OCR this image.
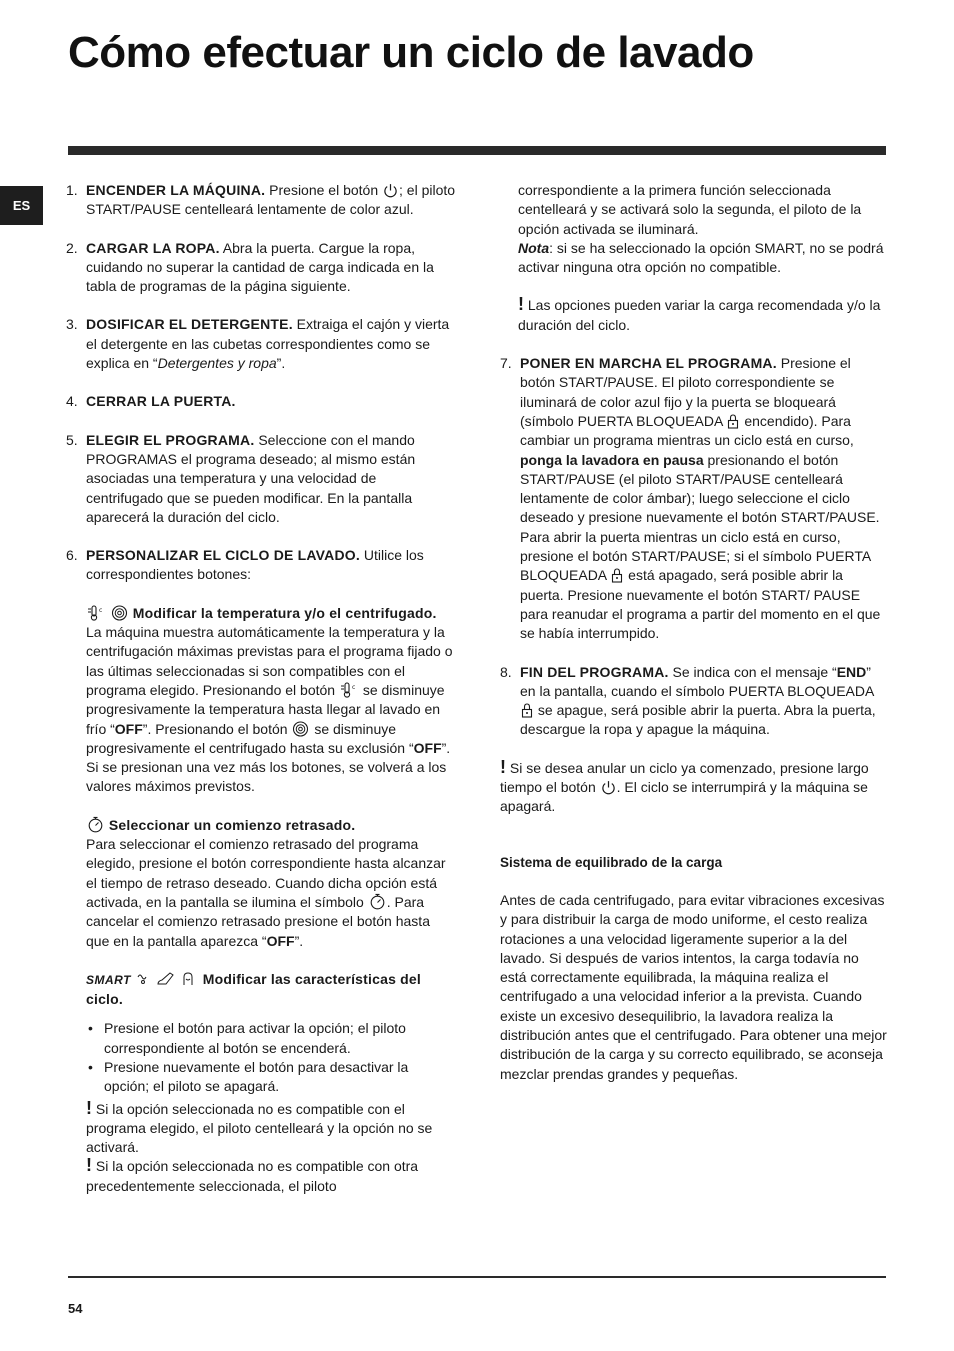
Cómo efectuar un ciclo de lavado
ES
1. ENCENDER LA MÁQUINA. Presione el botón ; el piloto START/PAUSE centelleará lentamente de color azul.
2. CARGAR LA ROPA. Abra la puerta. Cargue la ropa, cuidando no superar la cantidad de carga indicada en la tabla de programas de la página siguiente.
3. DOSIFICAR EL DETERGENTE. Extraiga el cajón y vierta el detergente en las cubetas correspondientes como se explica en “Detergentes y ropa”.
4. CERRAR LA PUERTA.
5. ELEGIR EL PROGRAMA. Seleccione con el mando PROGRAMAS el programa deseado; al mismo están asociadas una temperatura y una velocidad de centrifugado que se pueden modificar. En la pantalla aparecerá la duración del ciclo.
6. PERSONALIZAR EL CICLO DE LAVADO. Utilice los correspondientes botones:
c Modificar la temperatura y/o el centrifugado. La máquina muestra automáticamente la temperatura y la centrifugación máximas previstas para el programa fijado o las últimas seleccionadas si son compatibles con el programa elegido. Presionando el botón c se disminuye progresivamente la temperatura hasta llegar al lavado en frío “OFF”. Presionando el botón  se disminuye progresivamente el centrifugado hasta su exclusión “OFF”. Si se presionan una vez más los botones, se volverá a los valores máximos previstos.
Seleccionar un comienzo retrasado.
Para seleccionar el comienzo retrasado del programa elegido, presione el botón correspondiente hasta alcanzar el tiempo de retraso deseado. Cuando dicha opción está activada, en la pantalla se ilumina el símbolo . Para cancelar el comienzo retrasado presione el botón hasta que en la pantalla aparezca “OFF”.
SMART	Modificar las características del ciclo.
• Presione el botón para activar la opción; el piloto correspondiente al botón se encenderá.
• Presione nuevamente el botón para desactivar la opción; el piloto se apagará.
! Si la opción seleccionada no es compatible con el programa elegido, el piloto centelleará y la opción no se activará.
! Si la opción seleccionada no es compatible con otra precedentemente seleccionada, el piloto
correspondiente a la primera función seleccionada centelleará y se activará solo la segunda, el piloto de la opción activada se iluminará.
Nota: si se ha seleccionado la opción SMART, no se podrá activar ninguna otra opción no compatible.
! Las opciones pueden variar la carga recomendada y/o la duración del ciclo.
7. PONER EN MARCHA EL PROGRAMA. Presione el botón START/PAUSE. El piloto correspondiente se iluminará de color azul fijo y la puerta se bloqueará (símbolo PUERTA BLOQUEADA  encendido). Para cambiar un programa mientras un ciclo está en curso, ponga la lavadora en pausa presionando el botón START/PAUSE (el piloto START/PAUSE centelleará lentamente de color ámbar); luego seleccione el ciclo deseado y presione nuevamente el botón START/PAUSE.
Para abrir la puerta mientras un ciclo está en curso, presione el botón START/PAUSE; si el símbolo PUERTA BLOQUEADA  está apagado, será posible abrir la puerta. Presione nuevamente el botón START/ PAUSE para reanudar el programa a partir del momento en el que se había interrumpido.
8. FIN DEL PROGRAMA. Se indica con el mensaje “END” en la pantalla, cuando el símbolo PUERTA BLOQUEADA  se apague, será posible abrir la puerta. Abra la puerta, descargue la ropa y apague la máquina.
! Si se desea anular un ciclo ya comenzado, presione largo tiempo el botón . El ciclo se interrumpirá y la máquina se apagará.
Sistema de equilibrado de la carga
Antes de cada centrifugado, para evitar vibraciones excesivas y para distribuir la carga de modo uniforme, el cesto realiza rotaciones a una velocidad ligeramente superior a la del lavado. Si después de varios intentos, la carga todavía no está correctamente equilibrada, la máquina realiza el centrifugado a una velocidad inferior a la prevista. Cuando existe un excesivo desequilibrio, la lavadora realiza la distribución antes que el centrifugado. Para obtener una mejor distribución de la carga y su correcto equilibrado, se aconseja mezclar prendas grandes y pequeñas.
54
